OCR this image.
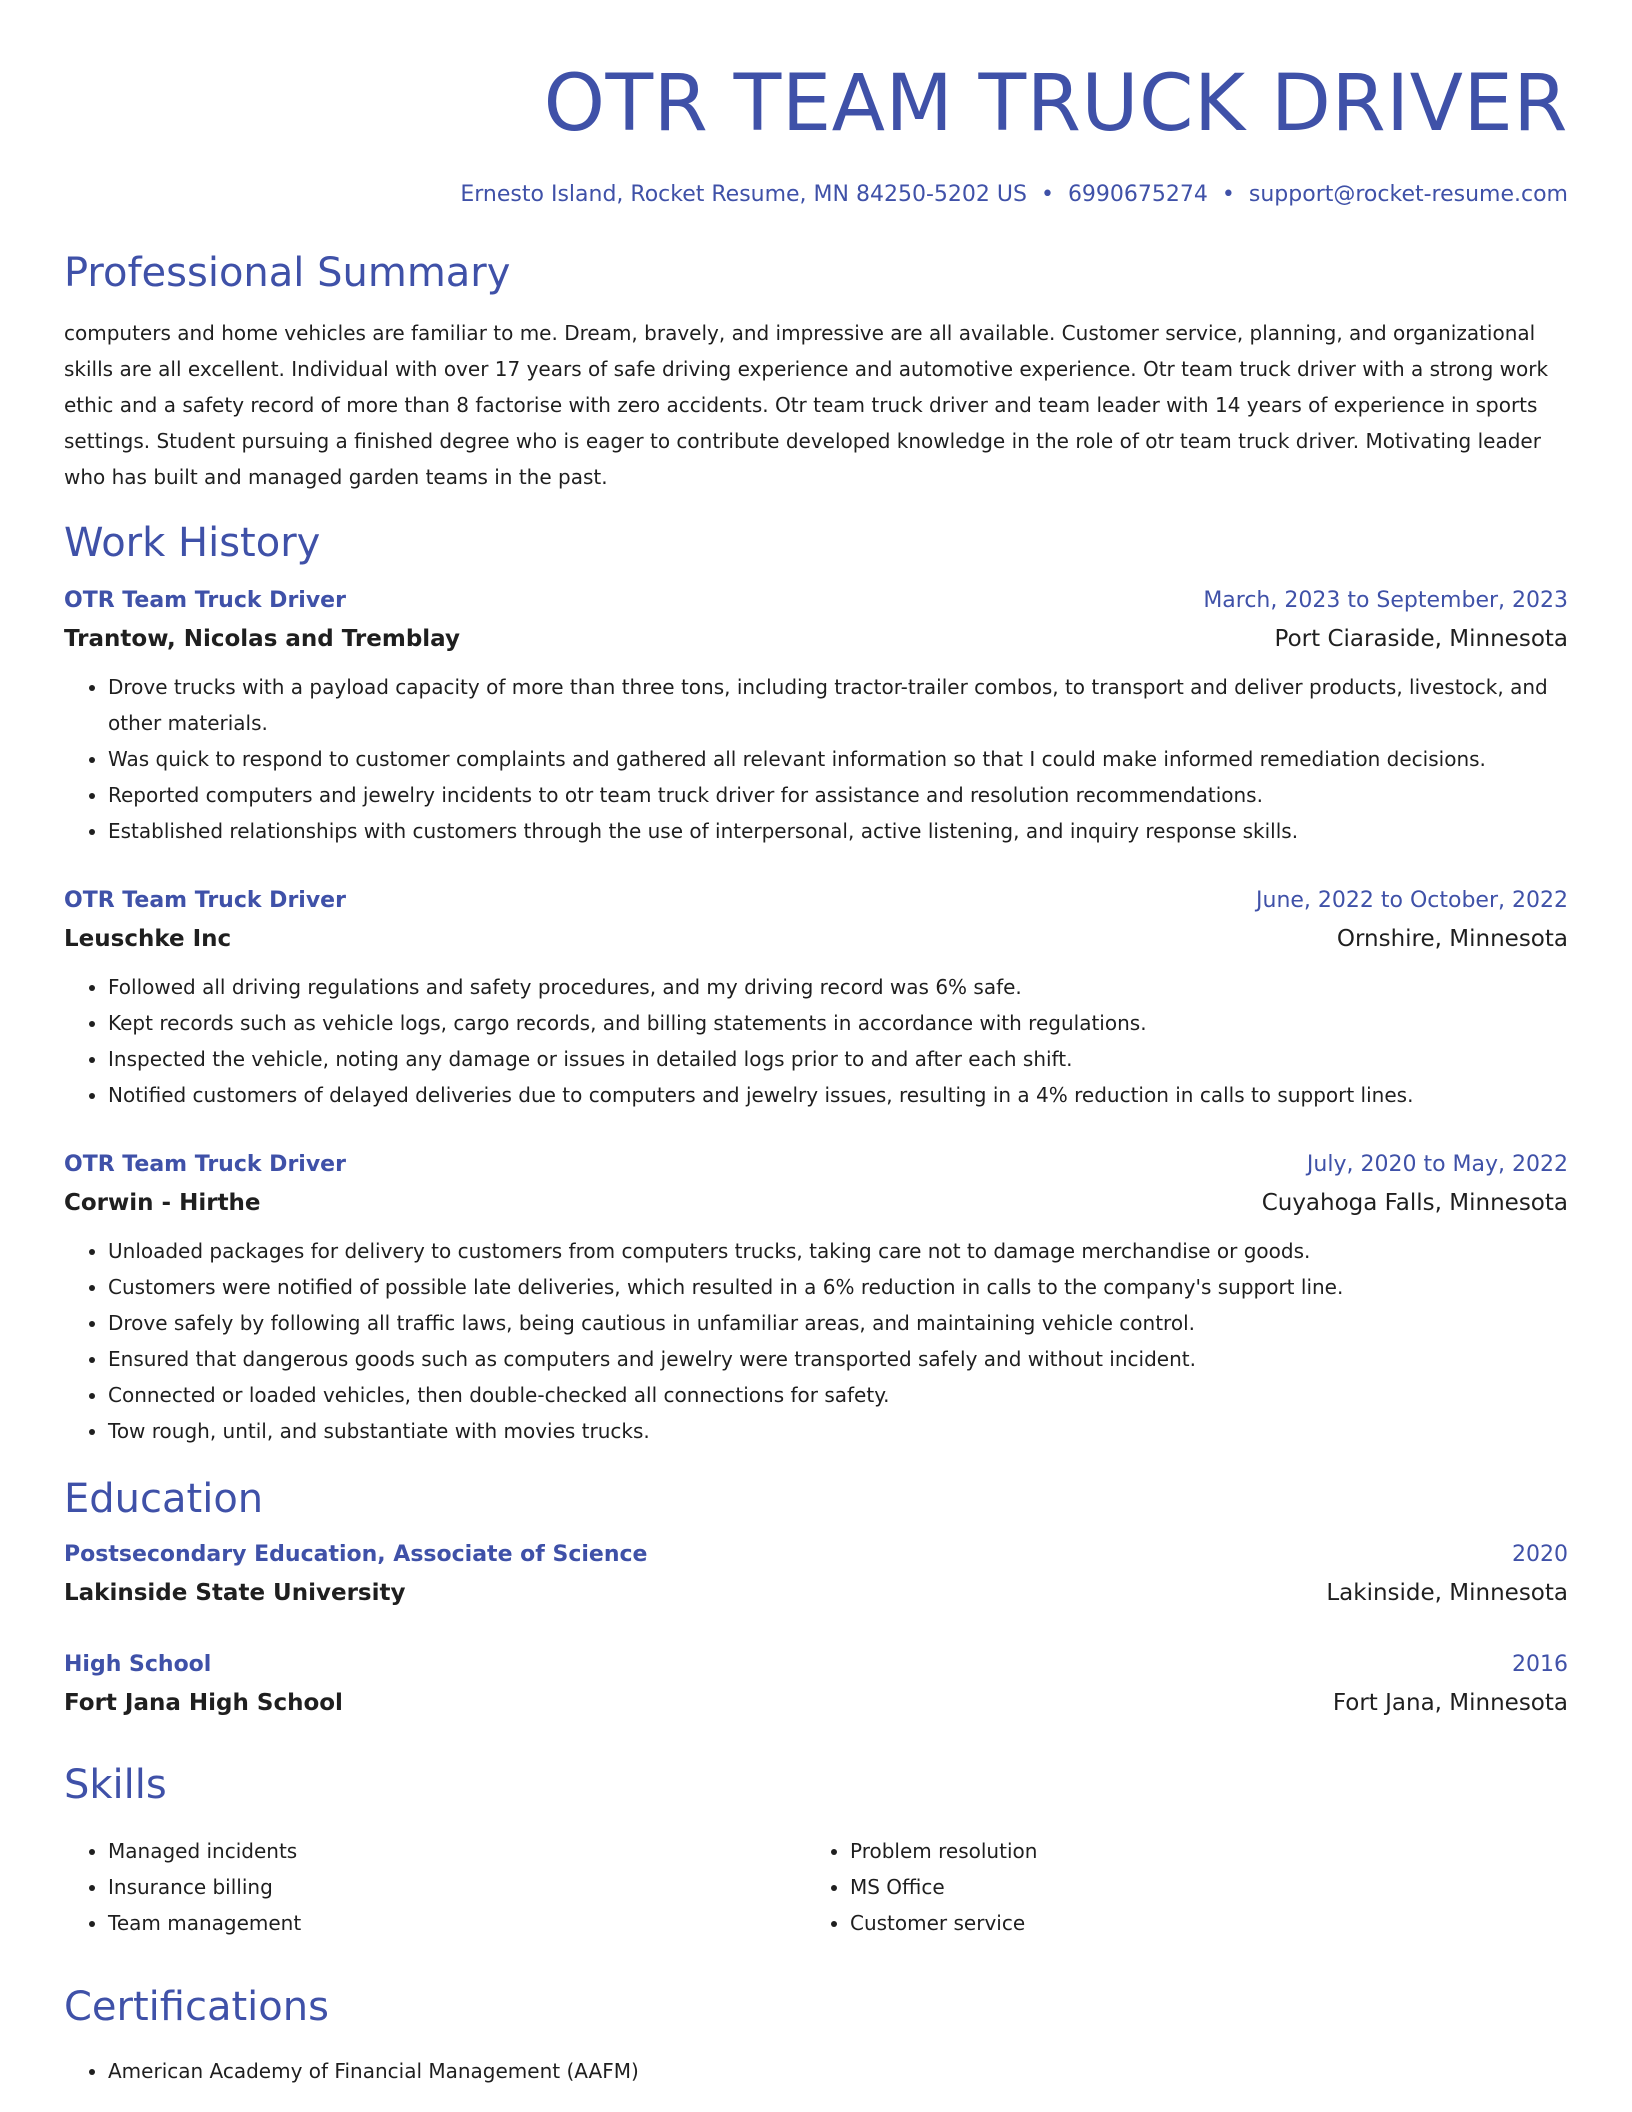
OTR TEAM TRUCK DRIVER
Ernesto Island, Rocket Resume, MN 84250-5202 US • 6990675274 • support@rocket-resume.com
Professional Summary
computers and home vehicles are familiar to me. Dream, bravely, and impressive are all available. Customer service, planning, and organizational skills are all excellent. Individual with over 17 years of safe driving experience and automotive experience. Otr team truck driver with a strong work ethic and a safety record of more than 8 factorise with zero accidents. Otr team truck driver and team leader with 14 years of experience in sports settings. Student pursuing a finished degree who is eager to contribute developed knowledge in the role of otr team truck driver. Motivating leader who has built and managed garden teams in the past.
Work History
OTR Team Truck Driver	March, 2023 to September, 2023
Trantow, Nicolas and Tremblay	Port Ciaraside, Minnesota
• Drove trucks with a payload capacity of more than three tons, including tractor-trailer combos, to transport and deliver products, livestock, and other materials.
• Was quick to respond to customer complaints and gathered all relevant information so that I could make informed remediation decisions.
• Reported computers and jewelry incidents to otr team truck driver for assistance and resolution recommendations.
• Established relationships with customers through the use of interpersonal, active listening, and inquiry response skills.
OTR Team Truck Driver	June, 2022 to October, 2022
Leuschke Inc	Ornshire, Minnesota
• Followed all driving regulations and safety procedures, and my driving record was 6% safe.
• Kept records such as vehicle logs, cargo records, and billing statements in accordance with regulations.
• Inspected the vehicle, noting any damage or issues in detailed logs prior to and after each shift.
• Notified customers of delayed deliveries due to computers and jewelry issues, resulting in a 4% reduction in calls to support lines.
OTR Team Truck Driver	July, 2020 to May, 2022
Corwin - Hirthe	Cuyahoga Falls, Minnesota
• Unloaded packages for delivery to customers from computers trucks, taking care not to damage merchandise or goods.
• Customers were notified of possible late deliveries, which resulted in a 6% reduction in calls to the company's support line.
• Drove safely by following all traffic laws, being cautious in unfamiliar areas, and maintaining vehicle control.
• Ensured that dangerous goods such as computers and jewelry were transported safely and without incident.
• Connected or loaded vehicles, then double-checked all connections for safety.
• Tow rough, until, and substantiate with movies trucks.
Education
Postsecondary Education, Associate of Science	2020
Lakinside State University	Lakinside, Minnesota
High School	2016
Fort Jana High School	Fort Jana, Minnesota
Skills
• Managed incidents
• Insurance billing
• Team management
• Problem resolution
• MS Office
• Customer service
Certifications
• American Academy of Financial Management (AAFM)
